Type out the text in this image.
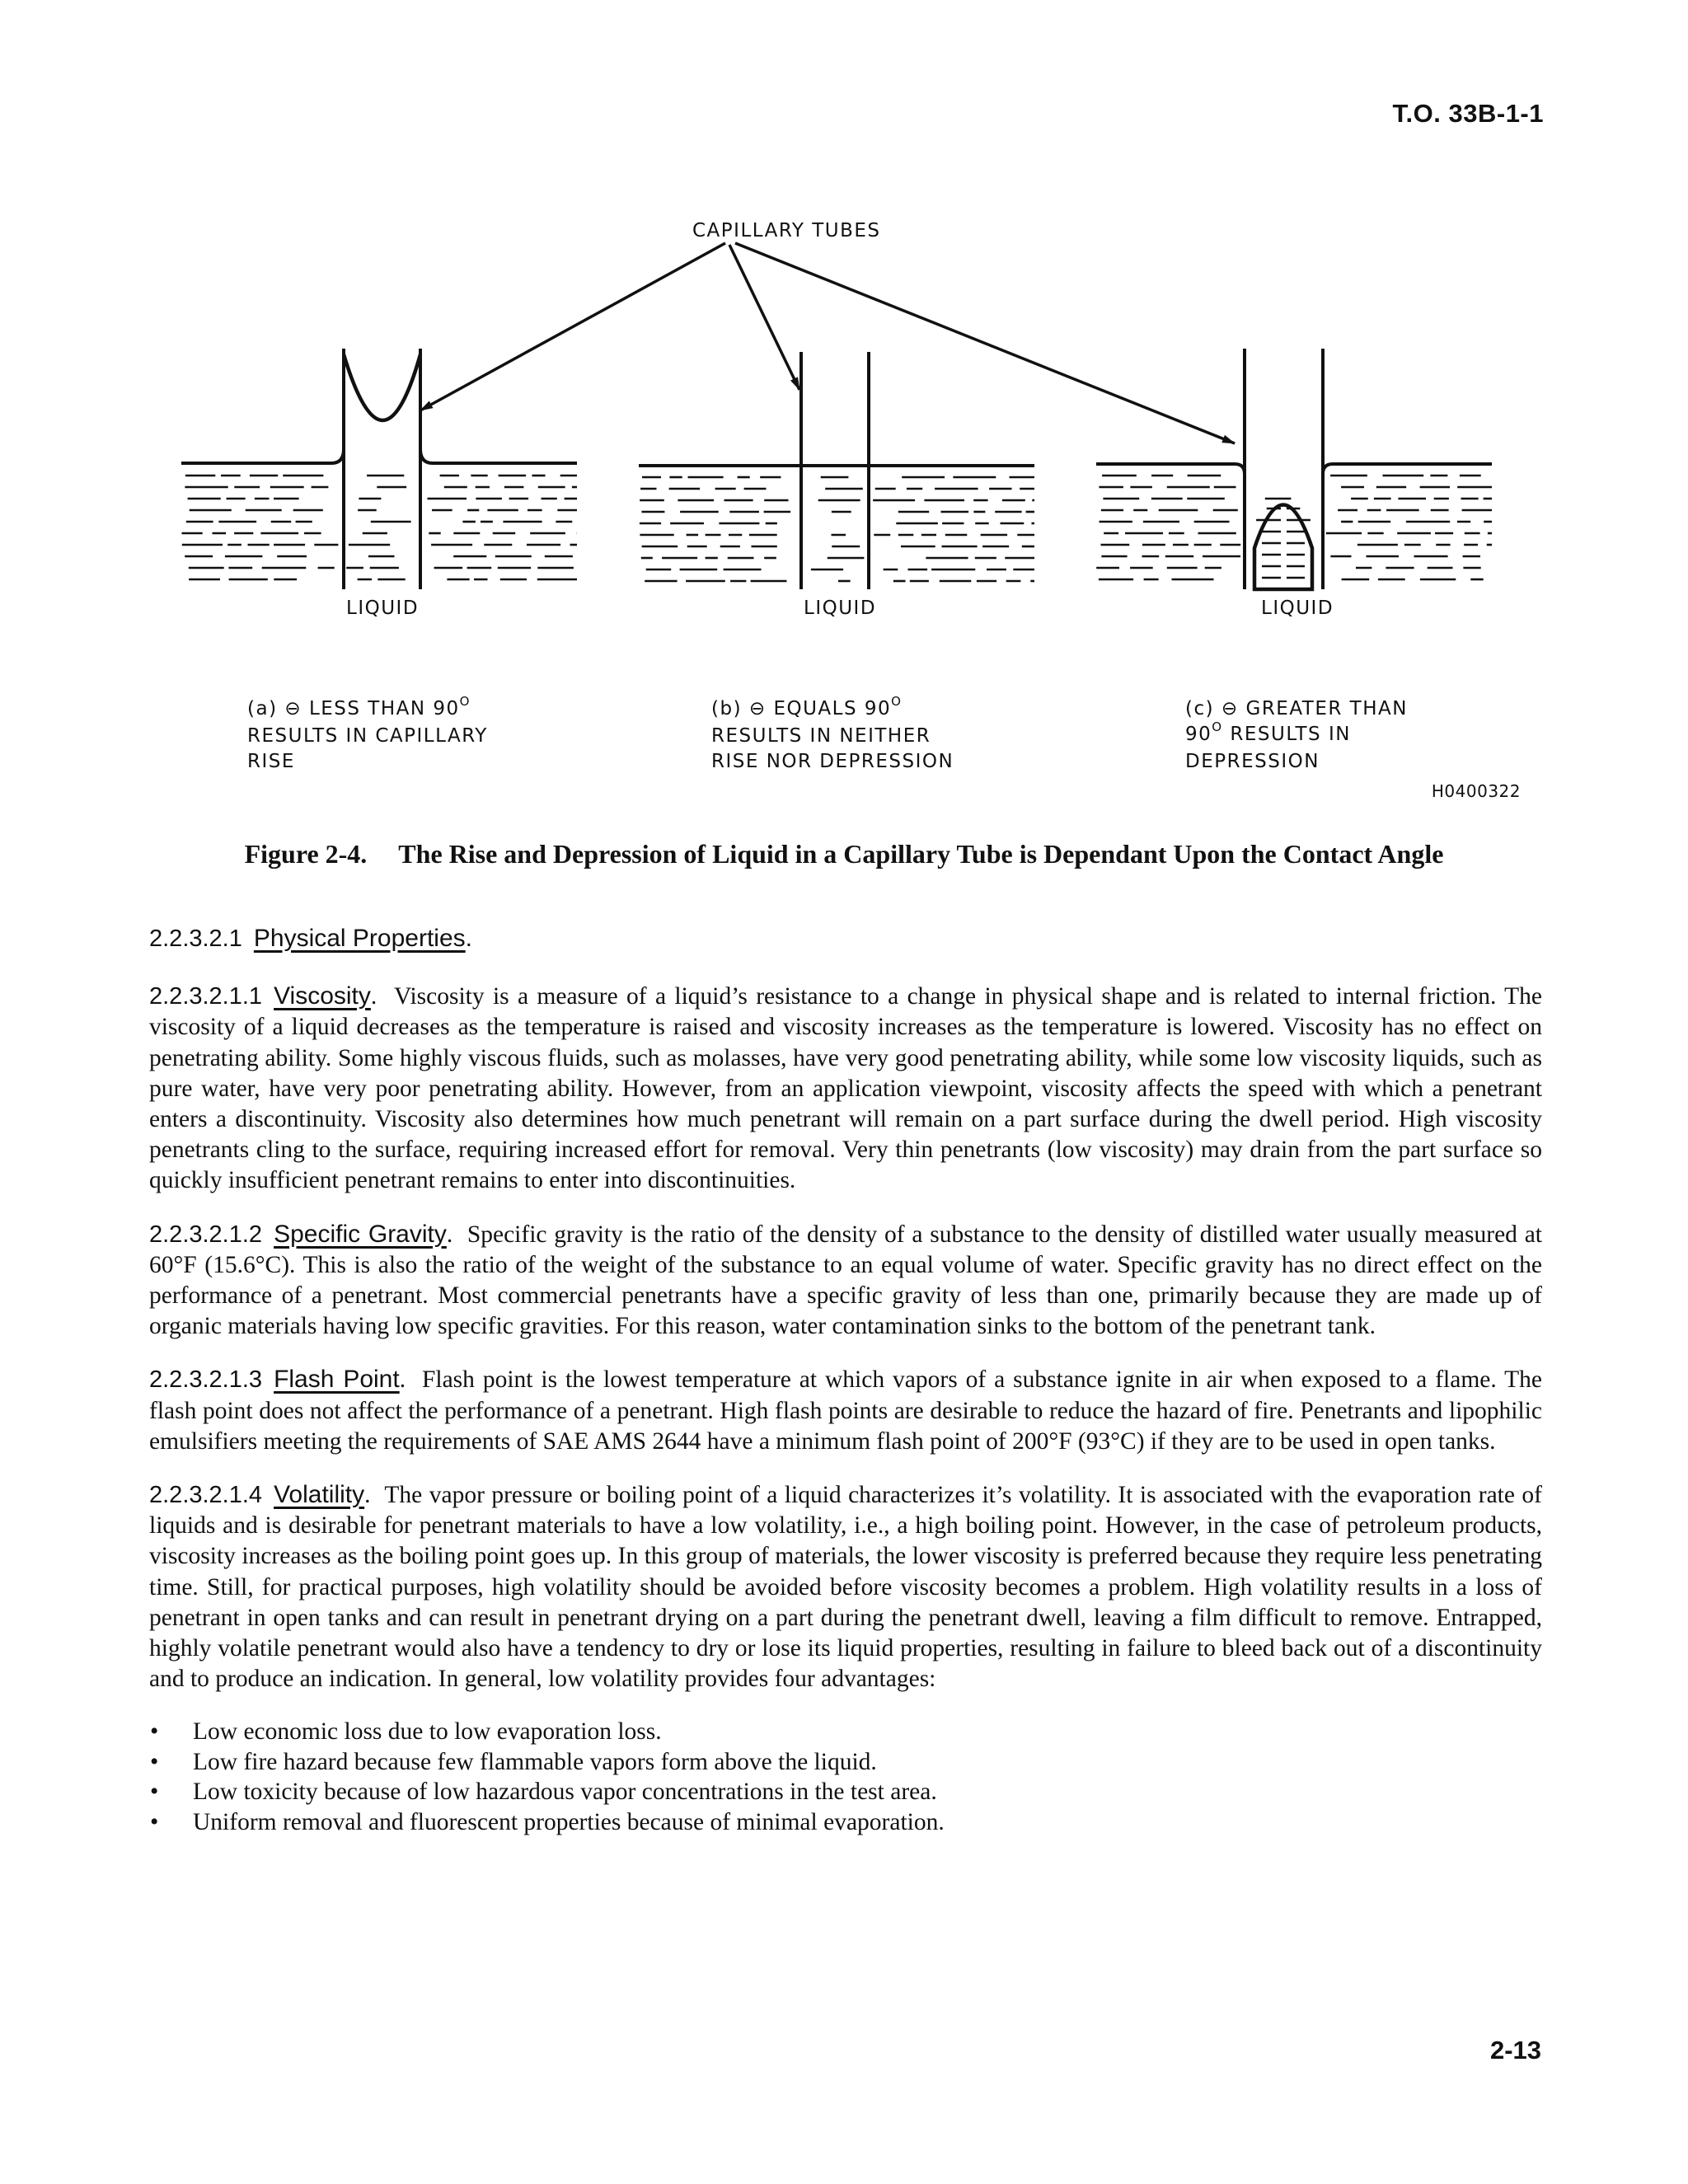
T.O. 33B-1-1
CAPILLARY TUBES
LIQUID	LIQUID	LIQUID
(a) ⊖ LESS THAN $90^O$
RESULTS IN CAPILLARY
RISE
(b) ⊖ EQUALS $90^O$
RESULTS IN NEITHER
RISE NOR DEPRESSION
(c) ⊖ GREATER THAN
$90^O$ RESULTS IN
DEPRESSION
H0400322
Figure 2-4. The Rise and Depression of Liquid in a Capillary Tube is Dependant Upon the Contact Angle
2.2.3.2.1 Physical Properties.

2.2.3.2.1.1 Viscosity. Viscosity is a measure of a liquid’s resistance to a change in physical shape and is related to internal friction. The viscosity of a liquid decreases as the temperature is raised and viscosity increases as the temperature is lowered. Viscosity has no effect on penetrating ability. Some highly viscous fluids, such as molasses, have very good penetrating ability, while some low viscosity liquids, such as pure water, have very poor penetrating ability. However, from an application viewpoint, viscosity affects the speed with which a penetrant enters a discontinuity. Viscosity also determines how much penetrant will remain on a part surface during the dwell period. High viscosity penetrants cling to the surface, requiring increased effort for removal. Very thin penetrants (low viscosity) may drain from the part surface so quickly insufficient penetrant remains to enter into discontinuities.

2.2.3.2.1.2 Specific Gravity. Specific gravity is the ratio of the density of a substance to the density of distilled water usually measured at 60°F (15.6°C). This is also the ratio of the weight of the substance to an equal volume of water. Specific gravity has no direct effect on the performance of a penetrant. Most commercial penetrants have a specific gravity of less than one, primarily because they are made up of organic materials having low specific gravities. For this reason, water contamination sinks to the bottom of the penetrant tank.

2.2.3.2.1.3 Flash Point. Flash point is the lowest temperature at which vapors of a substance ignite in air when exposed to a flame. The flash point does not affect the performance of a penetrant. High flash points are desirable to reduce the hazard of fire. Penetrants and lipophilic emulsifiers meeting the requirements of SAE AMS 2644 have a minimum flash point of 200°F (93°C) if they are to be used in open tanks.

2.2.3.2.1.4 Volatility. The vapor pressure or boiling point of a liquid characterizes it’s volatility. It is associated with the evaporation rate of liquids and is desirable for penetrant materials to have a low volatility, i.e., a high boiling point. However, in the case of petroleum products, viscosity increases as the boiling point goes up. In this group of materials, the lower viscosity is preferred because they require less penetrating time. Still, for practical purposes, high volatility should be avoided before viscosity becomes a problem. High volatility results in a loss of penetrant in open tanks and can result in penetrant drying on a part during the penetrant dwell, leaving a film difficult to remove. Entrapped, highly volatile penetrant would also have a tendency to dry or lose its liquid properties, resulting in failure to bleed back out of a discontinuity and to produce an indication. In general, low volatility provides four advantages:

• Low economic loss due to low evaporation loss.
• Low fire hazard because few flammable vapors form above the liquid.
• Low toxicity because of low hazardous vapor concentrations in the test area.
• Uniform removal and fluorescent properties because of minimal evaporation.
2-13
